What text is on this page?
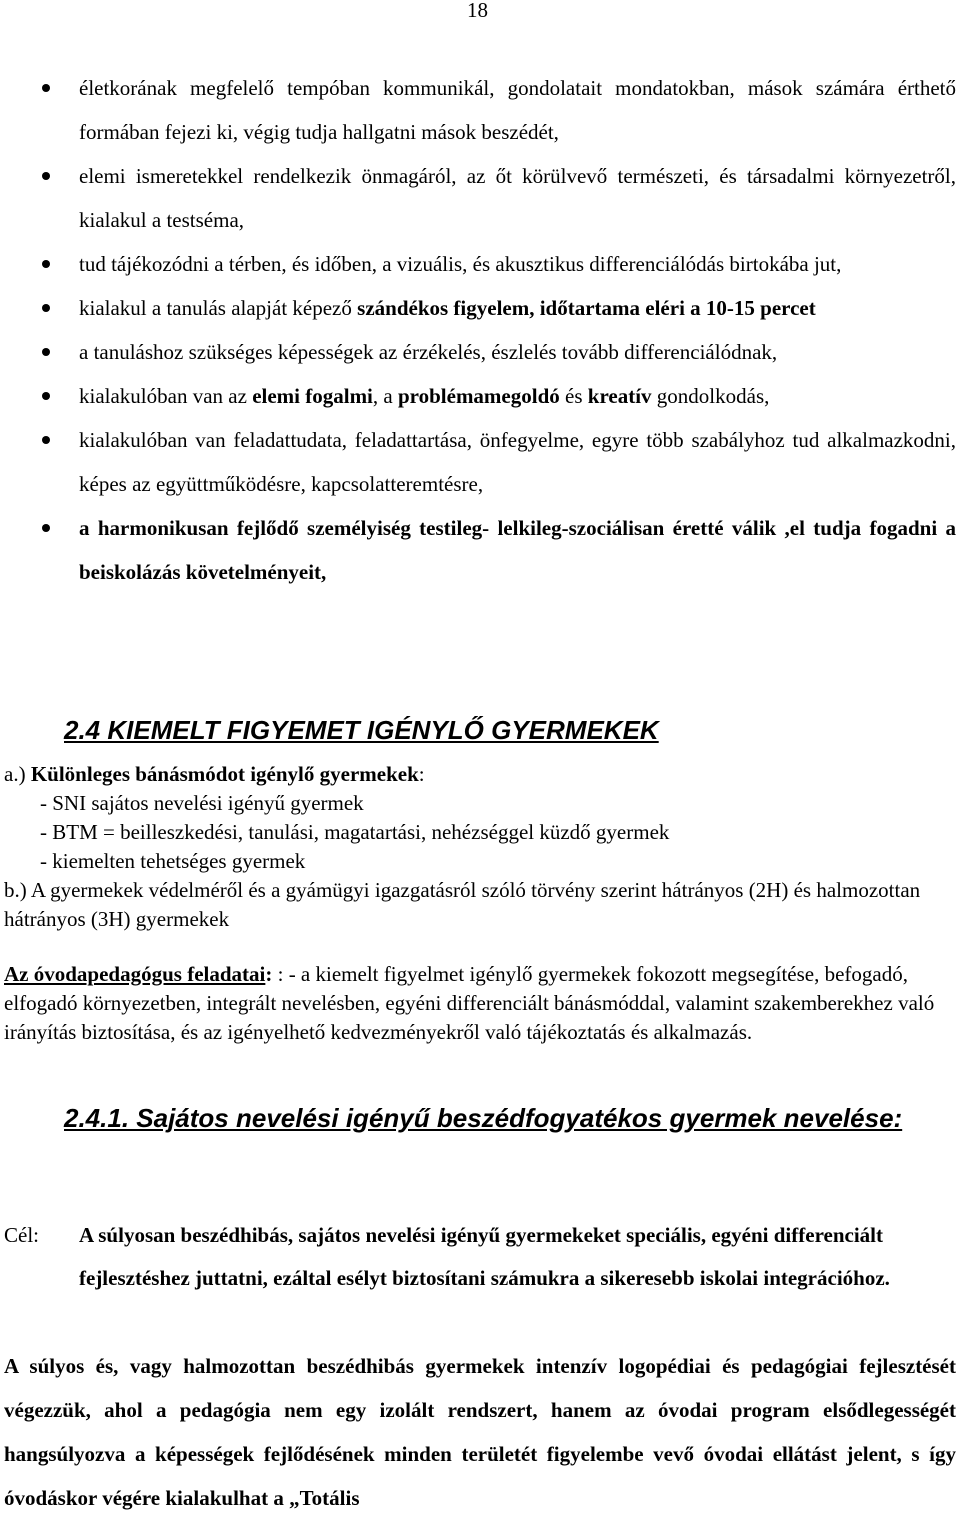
18
életkorának megfelelő tempóban kommunikál, gondolatait mondatokban, mások számára érthető formában fejezi ki, végig tudja hallgatni mások beszédét,
elemi ismeretekkel rendelkezik önmagáról, az őt körülvevő természeti, és társadalmi környezetről, kialakul a testséma,
tud tájékozódni a térben, és időben, a vizuális, és akusztikus differenciálódás birtokába jut,
kialakul a tanulás alapját képező szándékos figyelem, időtartama eléri a 10-15 percet
a tanuláshoz szükséges képességek az érzékelés, észlelés tovább differenciálódnak,
kialakulóban van az elemi fogalmi, a problémamegoldó és kreatív gondolkodás,
kialakulóban van feladattudata, feladattartása, önfegyelme, egyre több szabályhoz tud alkalmazkodni, képes az együttműködésre, kapcsolatteremtésre,
a harmonikusan fejlődő személyiség testileg- lelkileg-szociálisan éretté válik ,el tudja fogadni a beiskolázás követelményeit,
2.4 KIEMELT FIGYEMET IGÉNYLŐ GYERMEKEK
a.) Különleges bánásmódot igénylő gyermekek:
- SNI sajátos nevelési igényű gyermek
- BTM = beilleszkedési, tanulási, magatartási, nehézséggel küzdő gyermek
- kiemelten tehetséges gyermek
b.) A gyermekek védelméről és a gyámügyi igazgatásról szóló törvény szerint hátrányos (2H) és halmozottan hátrányos (3H) gyermekek
Az óvodapedagógus feladatai: : - a kiemelt figyelmet igénylő gyermekek fokozott megsegítése, befogadó, elfogadó környezetben, integrált nevelésben, egyéni differenciált bánásmóddal, valamint szakemberekhez való irányítás biztosítása, és az igényelhető kedvezményekről való tájékoztatás és alkalmazás.
2.4.1. Sajátos nevelési igényű beszédfogyatékos gyermek nevelése:
Cél: A súlyosan beszédhibás, sajátos nevelési igényű gyermekeket speciális, egyéni differenciált fejlesztéshez juttatni, ezáltal esélyt biztosítani számukra a sikeresebb iskolai integrációhoz.
A súlyos és, vagy halmozottan beszédhibás gyermekek intenzív logopédiai és pedagógiai fejlesztését végezzük, ahol a pedagógia nem egy izolált rendszert, hanem az óvodai program elsődlegességét hangsúlyozva a képességek fejlődésének minden területét figyelembe vevő óvodai ellátást jelent, s így óvodáskor végére kialakulhat a „Totális
